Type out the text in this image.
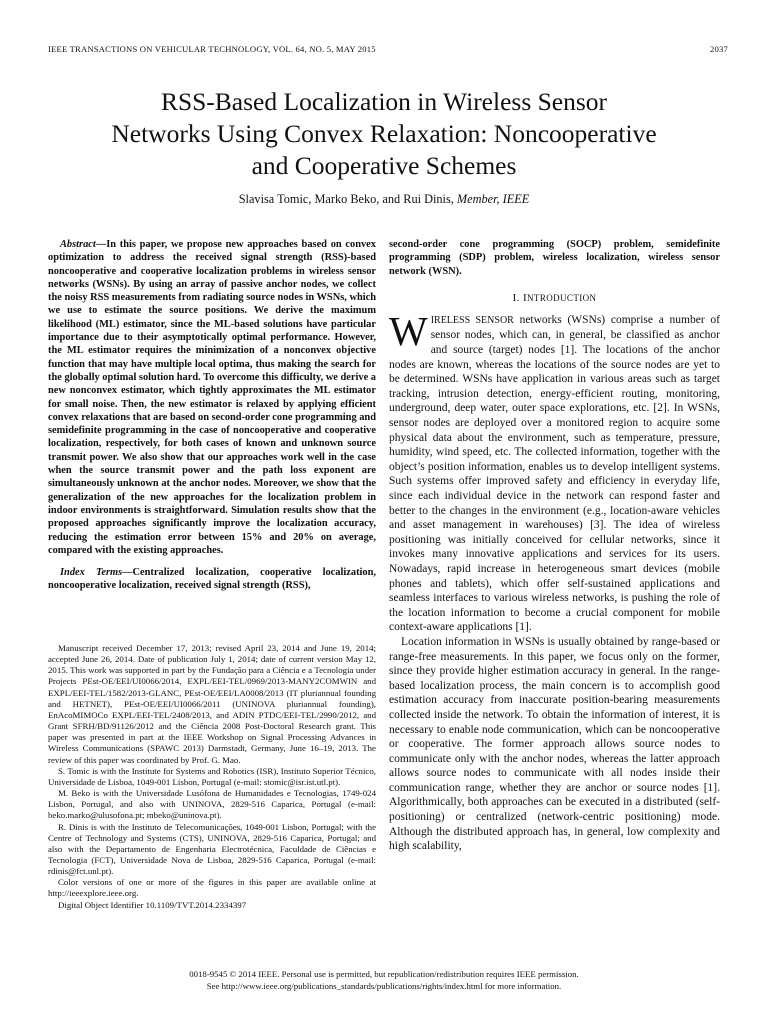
IEEE TRANSACTIONS ON VEHICULAR TECHNOLOGY, VOL. 64, NO. 5, MAY 2015	2037
RSS-Based Localization in Wireless Sensor
Networks Using Convex Relaxation: Noncooperative
and Cooperative Schemes
Slavisa Tomic, Marko Beko, and Rui Dinis, Member, IEEE

Abstract—In this paper, we propose new approaches based on convex optimization to address the received signal strength (RSS)-based noncooperative and cooperative localization problems in wireless sensor networks (WSNs). By using an array of passive anchor nodes, we collect the noisy RSS measurements from radiating source nodes in WSNs, which we use to estimate the source positions. We derive the maximum likelihood (ML) estimator, since the ML-based solutions have particular importance due to their asymptotically optimal performance. However, the ML estimator requires the minimization of a nonconvex objective function that may have multiple local optima, thus making the search for the globally optimal solution hard. To overcome this difficulty, we derive a new nonconvex estimator, which tightly approximates the ML estimator for small noise. Then, the new estimator is relaxed by applying efficient convex relaxations that are based on second-order cone programming and semidefinite programming in the case of noncooperative and cooperative localization, respectively, for both cases of known and unknown source transmit power. We also show that our approaches work well in the case when the source transmit power and the path loss exponent are simultaneously unknown at the anchor nodes. Moreover, we show that the generalization of the new approaches for the localization problem in indoor environments is straightforward. Simulation results show that the proposed approaches significantly improve the localization accuracy, reducing the estimation error between 15% and 20% on average, compared with the existing approaches.

Index Terms—Centralized localization, cooperative localization, noncooperative localization, received signal strength (RSS),

Manuscript received December 17, 2013; revised April 23, 2014 and June 19, 2014; accepted June 26, 2014. Date of publication July 1, 2014; date of current version May 12, 2015. This work was supported in part by the Fundação para a Ciência e a Tecnologia under Projects PEst-OE/EEI/UI0066/2014, EXPL/EEI-TEL/0969/2013-MANY2COMWIN and EXPL/EEI-TEL/1582/2013-GLANC, PEst-OE/EEI/LA0008/2013 (IT pluriannual founding and HETNET), PEst-OE/EEI/UI0066/2011 (UNINOVA pluriannual founding), EnAcoMIMOCo EXPL/EEI-TEL/2408/2013, and ADIN PTDC/EEI-TEL/2990/2012, and Grant SFRH/BD/91126/2012 and the Ciência 2008 Post-Doctoral Research grant. This paper was presented in part at the IEEE Workshop on Signal Processing Advances in Wireless Communications (SPAWC 2013) Darmstadt, Germany, June 16–19, 2013. The review of this paper was coordinated by Prof. G. Mao.

S. Tomic is with the Institute for Systems and Robotics (ISR), Instituto Superior Técnico, Universidade de Lisboa, 1049-001 Lisbon, Portugal (e-mail: stomic@isr.ist.utl.pt).

M. Beko is with the Universidade Lusófona de Humanidades e Tecnologias, 1749-024 Lisbon, Portugal, and also with UNINOVA, 2829-516 Caparica, Portugal (e-mail: beko.marko@ulusofona.pt; mbeko@uninova.pt).

R. Dinis is with the Instituto de Telecomunicações, 1049-001 Lisbon, Portugal; with the Centre of Technology and Systems (CTS), UNINOVA, 2829-516 Caparica, Portugal; and also with the Departamento de Engenharia Electrotécnica, Faculdade de Ciências e Tecnologia (FCT), Universidade Nova de Lisboa, 2829-516 Caparica, Portugal (e-mail: rdinis@fct.unl.pt).

Color versions of one or more of the figures in this paper are available online at http://ieeexplore.ieee.org.

Digital Object Identifier 10.1109/TVT.2014.2334397

second-order cone programming (SOCP) problem, semidefinite programming (SDP) problem, wireless localization, wireless sensor network (WSN).

I. INTRODUCTION

WIRELESS SENSOR networks (WSNs) comprise a number of sensor nodes, which can, in general, be classified as anchor and source (target) nodes [1]. The locations of the anchor nodes are known, whereas the locations of the source nodes are yet to be determined. WSNs have application in various areas such as target tracking, intrusion detection, energy-efficient routing, monitoring, underground, deep water, outer space explorations, etc. [2]. In WSNs, sensor nodes are deployed over a monitored region to acquire some physical data about the environment, such as temperature, pressure, humidity, wind speed, etc. The collected information, together with the object’s position information, enables us to develop intelligent systems. Such systems offer improved safety and efficiency in everyday life, since each individual device in the network can respond faster and better to the changes in the environment (e.g., location-aware vehicles and asset management in warehouses) [3]. The idea of wireless positioning was initially conceived for cellular networks, since it invokes many innovative applications and services for its users. Nowadays, rapid increase in heterogeneous smart devices (mobile phones and tablets), which offer self-sustained applications and seamless interfaces to various wireless networks, is pushing the role of the location information to become a crucial component for mobile context-aware applications [1].

Location information in WSNs is usually obtained by range-based or range-free measurements. In this paper, we focus only on the former, since they provide higher estimation accuracy in general. In the range-based localization process, the main concern is to accomplish good estimation accuracy from inaccurate position-bearing measurements collected inside the network. To obtain the information of interest, it is necessary to enable node communication, which can be noncooperative or cooperative. The former approach allows source nodes to communicate only with the anchor nodes, whereas the latter approach allows source nodes to communicate with all nodes inside their communication range, whether they are anchor or source nodes [1]. Algorithmically, both approaches can be executed in a distributed (self-positioning) or centralized (network-centric positioning) mode. Although the distributed approach has, in general, low complexity and high scalability,

0018-9545 © 2014 IEEE. Personal use is permitted, but republication/redistribution requires IEEE permission.
See http://www.ieee.org/publications_standards/publications/rights/index.html for more information.
